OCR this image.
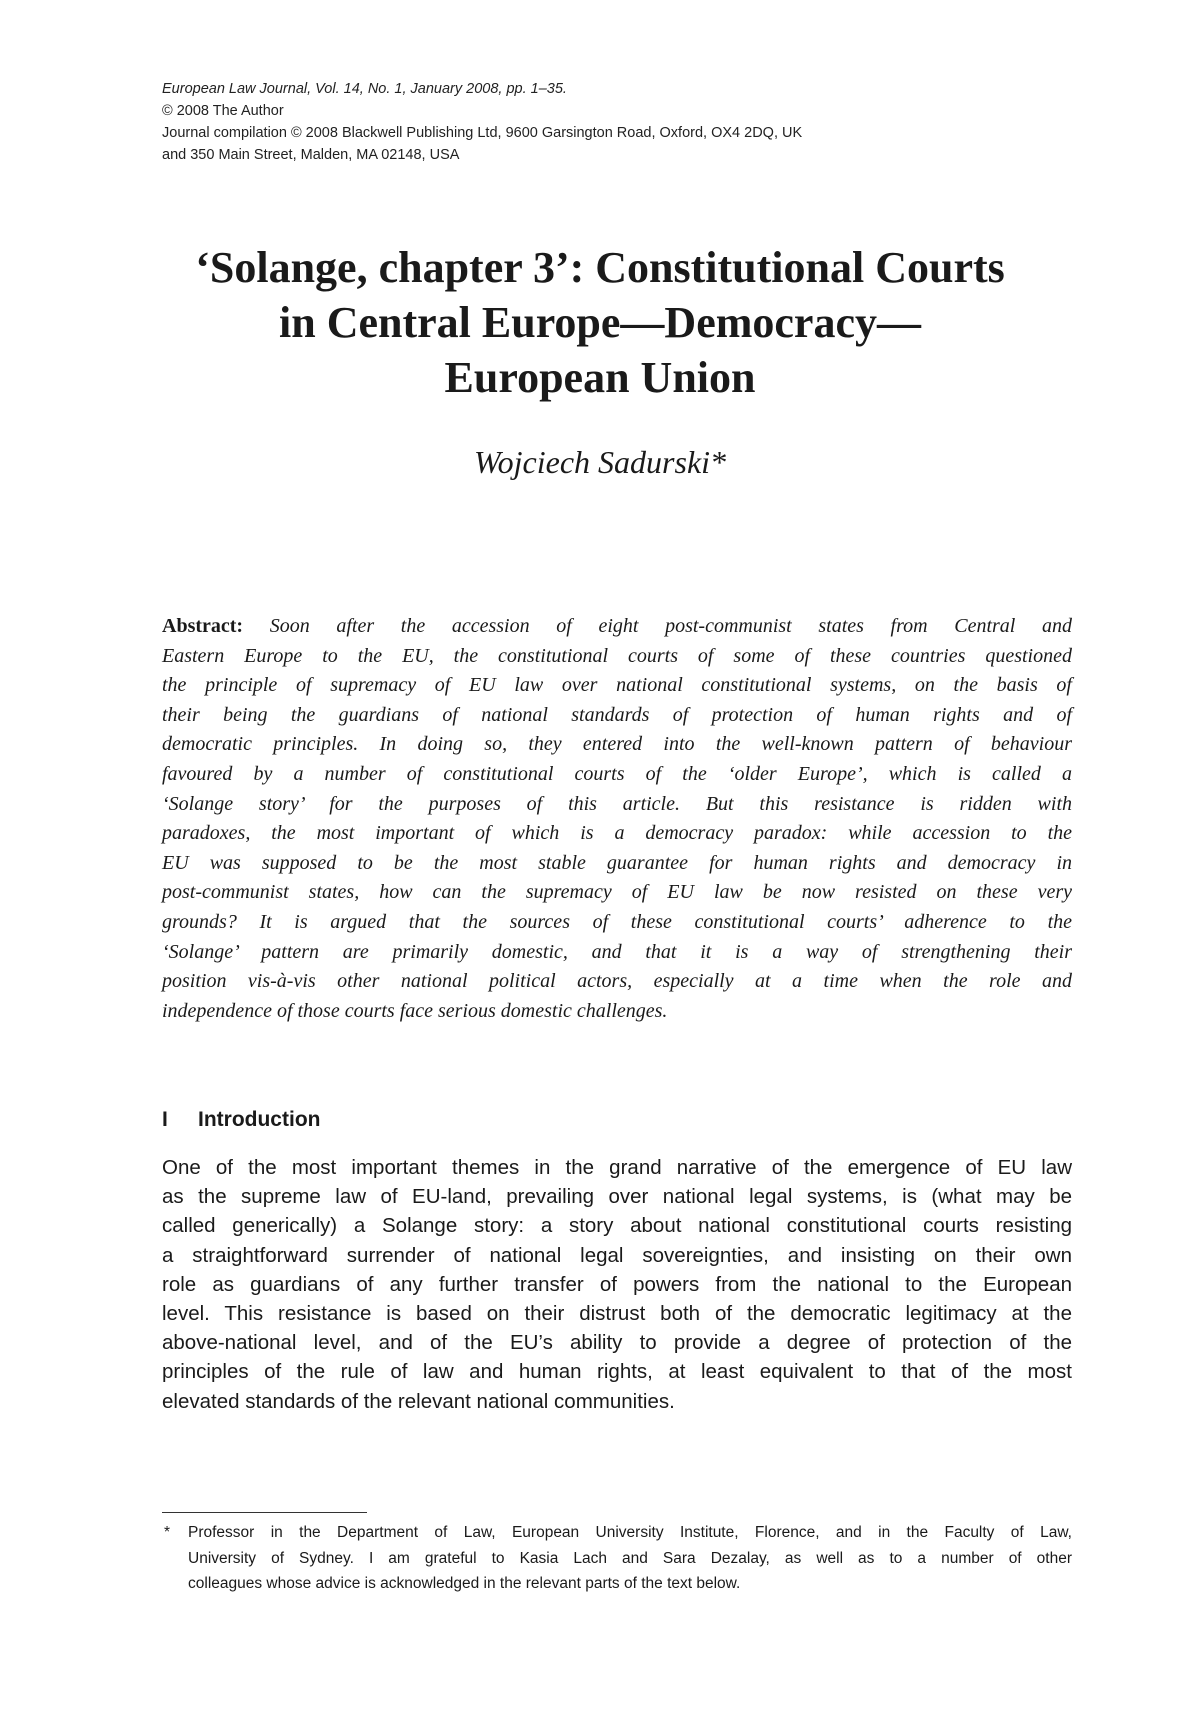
European Law Journal, Vol. 14, No. 1, January 2008, pp. 1–35.
© 2008 The Author
Journal compilation © 2008 Blackwell Publishing Ltd, 9600 Garsington Road, Oxford, OX4 2DQ, UK
and 350 Main Street, Malden, MA 02148, USA
‘Solange, chapter 3’: Constitutional Courts
in Central Europe—Democracy—
European Union
Wojciech Sadurski*
Abstract: Soon after the accession of eight post-communist states from Central and
Eastern Europe to the EU, the constitutional courts of some of these countries questioned
the principle of supremacy of EU law over national constitutional systems, on the basis of
their being the guardians of national standards of protection of human rights and of
democratic principles. In doing so, they entered into the well-known pattern of behaviour
favoured by a number of constitutional courts of the ‘older Europe’, which is called a
‘Solange story’ for the purposes of this article. But this resistance is ridden with
paradoxes, the most important of which is a democracy paradox: while accession to the
EU was supposed to be the most stable guarantee for human rights and democracy in
post-communist states, how can the supremacy of EU law be now resisted on these very
grounds? It is argued that the sources of these constitutional courts’ adherence to the
‘Solange’ pattern are primarily domestic, and that it is a way of strengthening their
position vis-à-vis other national political actors, especially at a time when the role and
independence of those courts face serious domestic challenges.
I Introduction
One of the most important themes in the grand narrative of the emergence of EU law
as the supreme law of EU-land, prevailing over national legal systems, is (what may be
called generically) a Solange story: a story about national constitutional courts resisting
a straightforward surrender of national legal sovereignties, and insisting on their own
role as guardians of any further transfer of powers from the national to the European
level. This resistance is based on their distrust both of the democratic legitimacy at the
above-national level, and of the EU’s ability to provide a degree of protection of the
principles of the rule of law and human rights, at least equivalent to that of the most
elevated standards of the relevant national communities.
* Professor in the Department of Law, European University Institute, Florence, and in the Faculty of Law,
University of Sydney. I am grateful to Kasia Lach and Sara Dezalay, as well as to a number of other
colleagues whose advice is acknowledged in the relevant parts of the text below.
